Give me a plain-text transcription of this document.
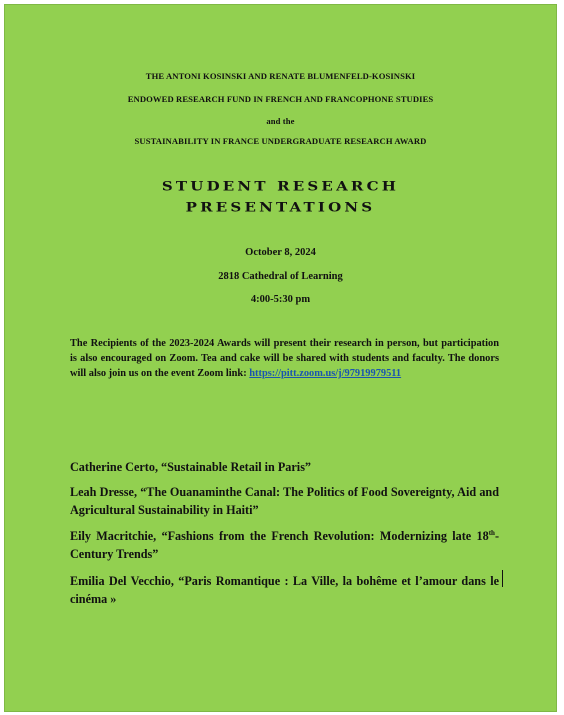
THE ANTONI KOSINSKI AND RENATE BLUMENFELD-KOSINSKI
ENDOWED RESEARCH FUND IN FRENCH AND FRANCOPHONE STUDIES
and the
SUSTAINABILITY IN FRANCE UNDERGRADUATE RESEARCH AWARD
STUDENT RESEARCH
PRESENTATIONS
October 8, 2024
2818 Cathedral of Learning
4:00-5:30 pm
The Recipients of the 2023-2024 Awards will present their research in person, but participation is also encouraged on Zoom. Tea and cake will be shared with students and faculty. The donors will also join us on the event Zoom link: https://pitt.zoom.us/j/97919979511
Catherine Certo, “Sustainable Retail in Paris”
Leah Dresse, “The Ouanaminthe Canal: The Politics of Food Sovereignty, Aid and Agricultural Sustainability in Haiti”
Eily Macritchie, “Fashions from the French Revolution: Modernizing late 18th-Century Trends”
Emilia Del Vecchio, “Paris Romantique : La Ville, la bohême et l’amour dans le cinéma »
